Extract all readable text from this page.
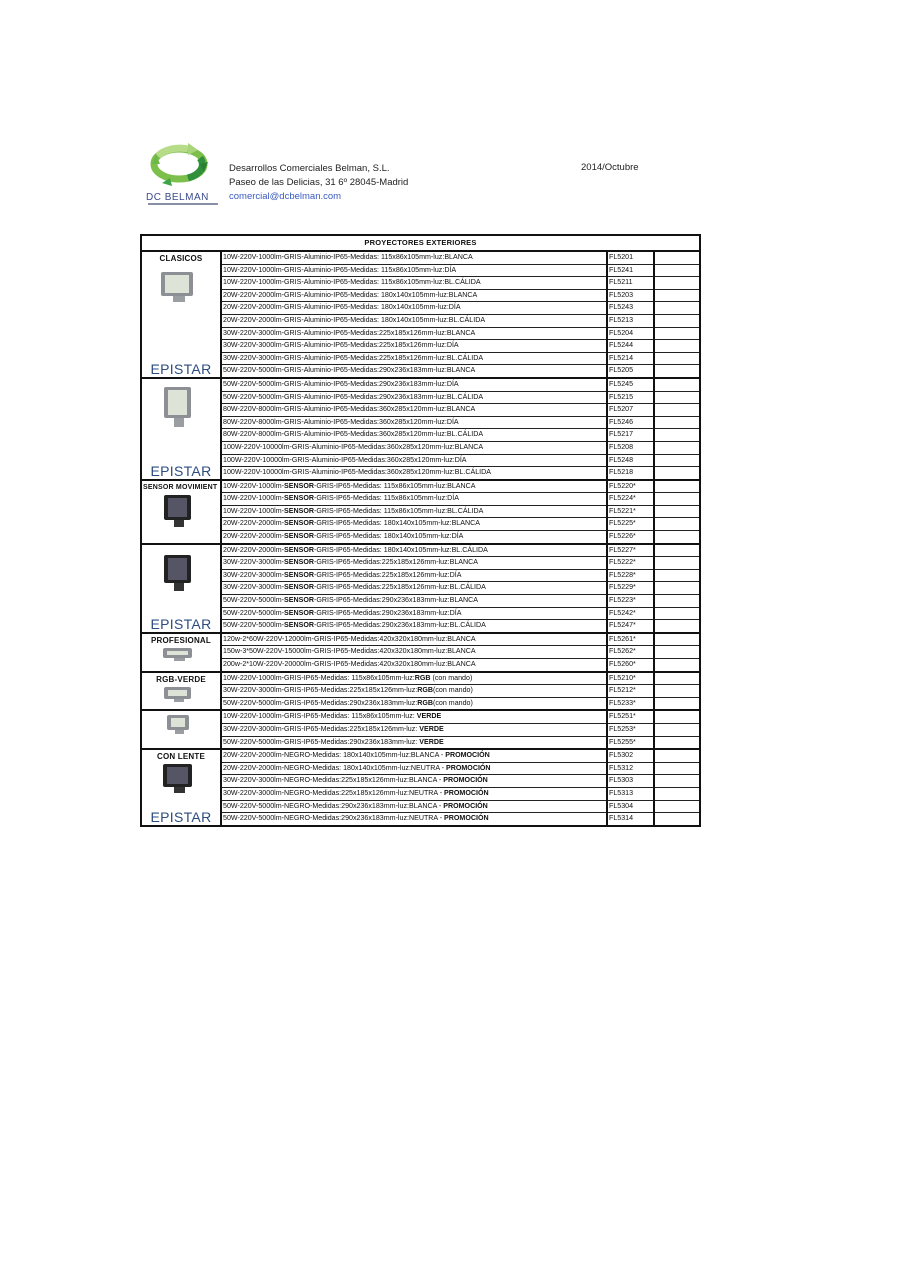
DC BELMAN
Desarrollos Comerciales Belman, S.L.
Paseo de las Delicias, 31 6º 28045-Madrid
comercial@dcbelman.com
2014/Octubre
PROYECTORES EXTERIORES
CLASICOS
EPISTAR	10W-220V-1000lm-GRIS-Aluminio-IP65-Medidas: 115x86x105mm-luz:BLANCA	FL5201	
	10W-220V-1000lm-GRIS-Aluminio-IP65-Medidas: 115x86x105mm-luz:DÍA	FL5241	
	10W-220V-1000lm-GRIS-Aluminio-IP65-Medidas: 115x86x105mm-luz:BL.CÁLIDA	FL5211	
	20W-220V-2000lm-GRIS-Aluminio-IP65-Medidas: 180x140x105mm-luz:BLANCA	FL5203	
	20W-220V-2000lm-GRIS-Aluminio-IP65-Medidas: 180x140x105mm-luz:DÍA	FL5243	
	20W-220V-2000lm-GRIS-Aluminio-IP65-Medidas: 180x140x105mm-luz:BL.CÁLIDA	FL5213	
	30W-220V-3000lm-GRIS-Aluminio-IP65-Medidas:225x185x126mm-luz:BLANCA	FL5204	
	30W-220V-3000lm-GRIS-Aluminio-IP65-Medidas:225x185x126mm-luz:DÍA	FL5244	
	30W-220V-3000lm-GRIS-Aluminio-IP65-Medidas:225x185x126mm-luz:BL.CÁLIDA	FL5214	
	50W-220V-5000lm-GRIS-Aluminio-IP65-Medidas:290x236x183mm-luz:BLANCA	FL5205	

EPISTAR	50W-220V-5000lm-GRIS-Aluminio-IP65-Medidas:290x236x183mm-luz:DÍA	FL5245	
	50W-220V-5000lm-GRIS-Aluminio-IP65-Medidas:290x236x183mm-luz:BL.CÁLIDA	FL5215	
	80W-220V-8000lm-GRIS-Aluminio-IP65-Medidas:360x285x120mm-luz:BLANCA	FL5207	
	80W-220V-8000lm-GRIS-Aluminio-IP65-Medidas:360x285x120mm-luz:DÍA	FL5246	
	80W-220V-8000lm-GRIS-Aluminio-IP65-Medidas:360x285x120mm-luz:BL.CÁLIDA	FL5217	
	100W-220V-10000lm-GRIS-Aluminio-IP65-Medidas:360x285x120mm-luz:BLANCA	FL5208	
	100W-220V-10000lm-GRIS-Aluminio-IP65-Medidas:360x285x120mm-luz:DÍA	FL5248	
	100W-220V-10000lm-GRIS-Aluminio-IP65-Medidas:360x285x120mm-luz:BL.CÁLIDA	FL5218	

SENSOR MOVIMIENT	10W-220V-1000lm-SENSOR-GRIS-IP65-Medidas: 115x86x105mm-luz:BLANCA	FL5220*	
	10W-220V-1000lm-SENSOR-GRIS-IP65-Medidas: 115x86x105mm-luz:DÍA	FL5224*	
	10W-220V-1000lm-SENSOR-GRIS-IP65-Medidas: 115x86x105mm-luz:BL.CÁLIDA	FL5221*	
	20W-220V-2000lm-SENSOR-GRIS-IP65-Medidas: 180x140x105mm-luz:BLANCA	FL5225*	
	20W-220V-2000lm-SENSOR-GRIS-IP65-Medidas: 180x140x105mm-luz:DÍA	FL5226*	

EPISTAR	20W-220V-2000lm-SENSOR-GRIS-IP65-Medidas: 180x140x105mm-luz:BL.CÁLIDA	FL5227*	
	30W-220V-3000lm-SENSOR-GRIS-IP65-Medidas:225x185x126mm-luz:BLANCA	FL5222*	
	30W-220V-3000lm-SENSOR-GRIS-IP65-Medidas:225x185x126mm-luz:DÍA	FL5228*	
	30W-220V-3000lm-SENSOR-GRIS-IP65-Medidas:225x185x126mm-luz:BL.CÁLIDA	FL5229*	
	50W-220V-5000lm-SENSOR-GRIS-IP65-Medidas:290x236x183mm-luz:BLANCA	FL5223*	
	50W-220V-5000lm-SENSOR-GRIS-IP65-Medidas:290x236x183mm-luz:DÍA	FL5242*	
	50W-220V-5000lm-SENSOR-GRIS-IP65-Medidas:290x236x183mm-luz:BL.CÁLIDA	FL5247*	

PROFESIONAL	120w-2*60W-220V-12000lm-GRIS-IP65-Medidas:420x320x180mm-luz:BLANCA	FL5261*	
	150w-3*50W-220V-15000lm-GRIS-IP65-Medidas:420x320x180mm-luz:BLANCA	FL5262*	
	200w-2*10W-220V-20000lm-GRIS-IP65-Medidas:420x320x180mm-luz:BLANCA	FL5260*	

RGB-VERDE	10W-220V-1000lm-GRIS-IP65-Medidas: 115x86x105mm-luz:RGB (con mando)	FL5210*	
	30W-220V-3000lm-GRIS-IP65-Medidas:225x185x126mm-luz:RGB(con mando)	FL5212*	
	50W-220V-5000lm-GRIS-IP65-Medidas:290x236x183mm-luz:RGB(con mando)	FL5233*	

	10W-220V-1000lm-GRIS-IP65-Medidas: 115x86x105mm-luz: VERDE	FL5251*	
	30W-220V-3000lm-GRIS-IP65-Medidas:225x185x126mm-luz: VERDE	FL5253*	
	50W-220V-5000lm-GRIS-IP65-Medidas:290x236x183mm-luz: VERDE	FL5255*	

CON LENTE
EPISTAR	20W-220V-2000lm-NEGRO-Medidas: 180x140x105mm-luz:BLANCA - PROMOCIÓN	FL5302	
	20W-220V-2000lm-NEGRO-Medidas: 180x140x105mm-luz:NEUTRA - PROMOCIÓN	FL5312	
	30W-220V-3000lm-NEGRO-Medidas:225x185x126mm-luz:BLANCA - PROMOCIÓN	FL5303	
	30W-220V-3000lm-NEGRO-Medidas:225x185x126mm-luz:NEUTRA - PROMOCIÓN	FL5313	
	50W-220V-5000lm-NEGRO-Medidas:290x236x183mm-luz:BLANCA - PROMOCIÓN	FL5304	
	50W-220V-5000lm-NEGRO-Medidas:290x236x183mm-luz:NEUTRA - PROMOCIÓN	FL5314	
